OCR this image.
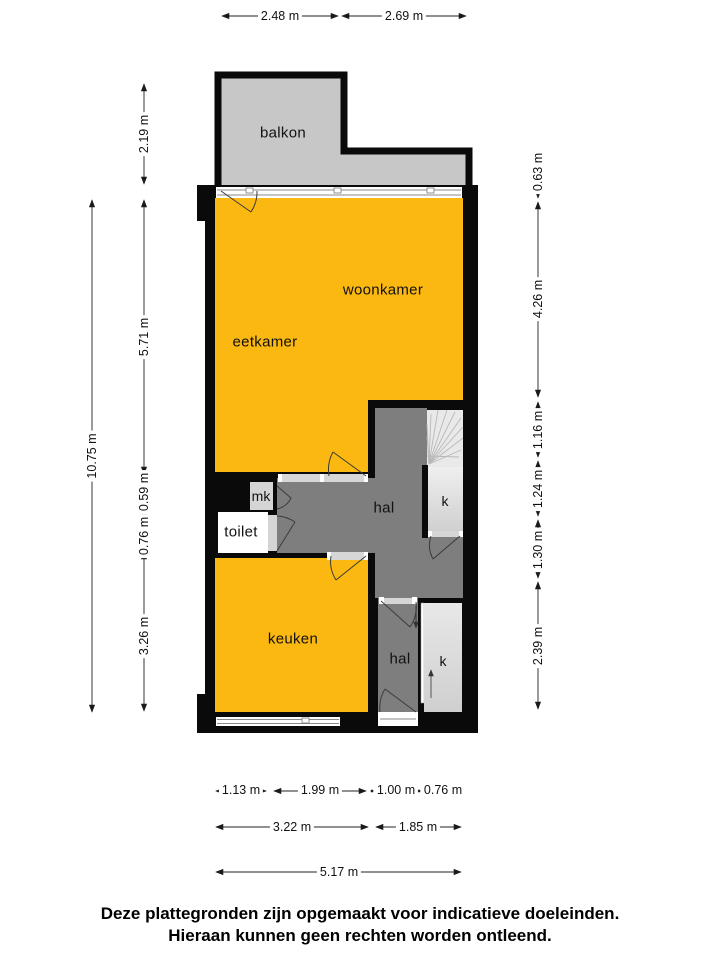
balkon
woonkamer
eetkamer
hal	k
mk
toilet
keuken
hal k
2.48 m	2.69 m
10.75 m
2.19 m
5.71 m
0.59 m
0.76 m
3.26 m
0.63 m
4.26 m
1.16 m
1.24 m
1.30 m
2.39 m
1.13 m	1.99 m	1.00 m 0.76 m
3.22 m	1.85 m
5.17 m
Deze plattegronden zijn opgemaakt voor indicatieve doeleinden.
Hieraan kunnen geen rechten worden ontleend.
